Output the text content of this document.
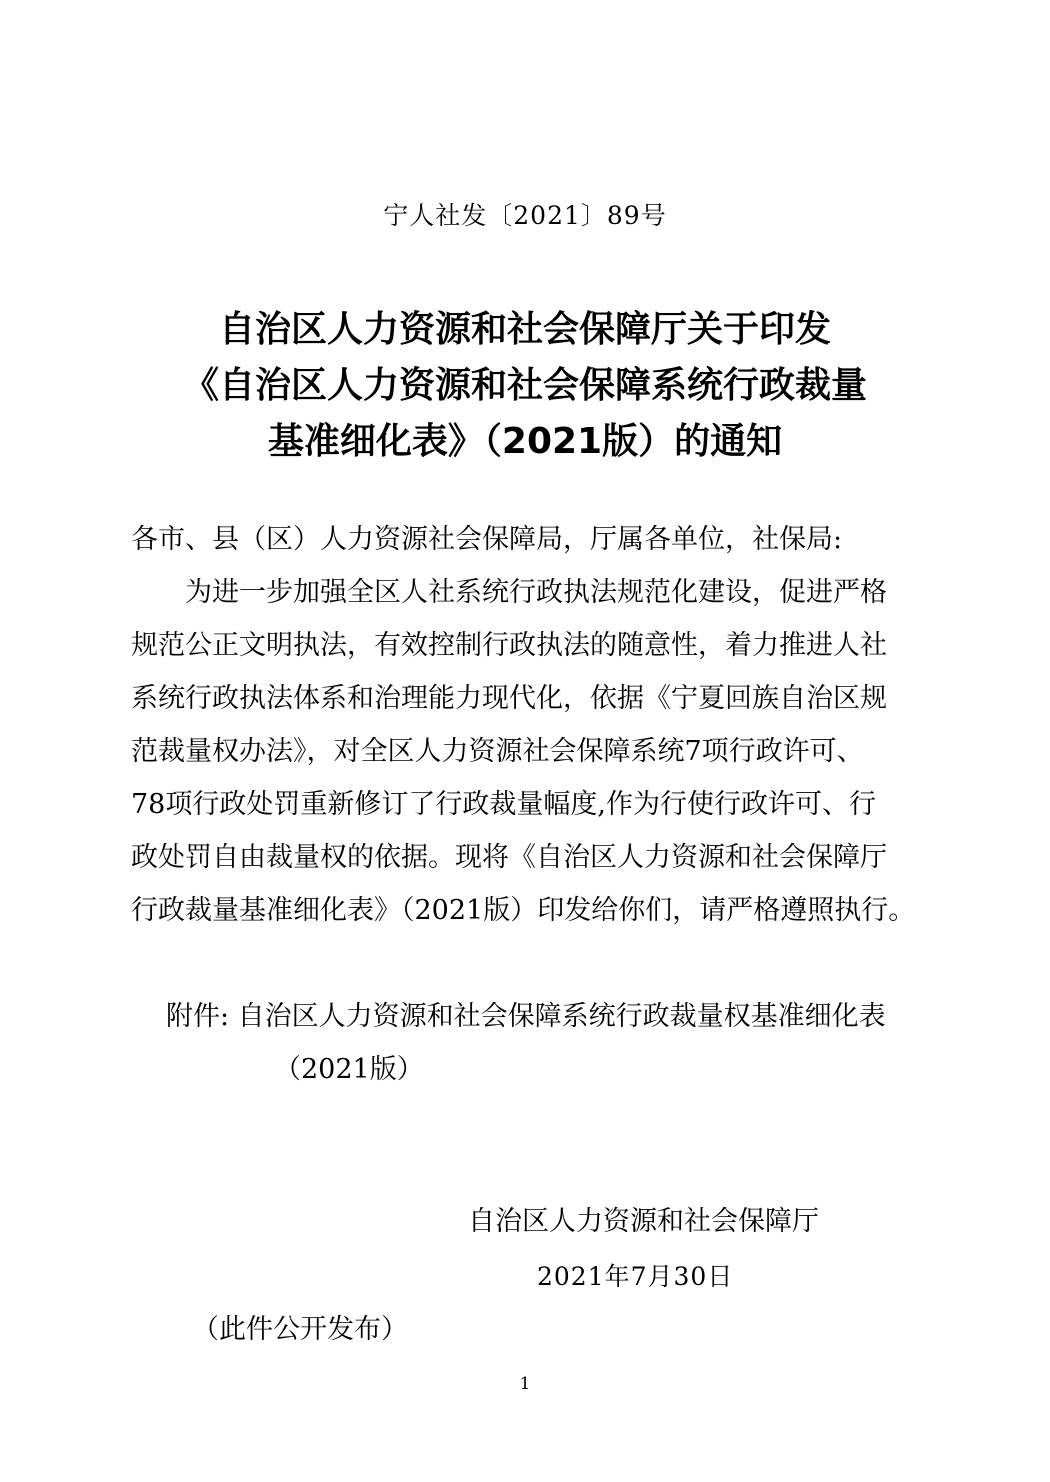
宁人社发〔2021〕89号
自治区人力资源和社会保障厅关于印发
《自治区人力资源和社会保障系统行政裁量
基准细化表》（2021版）的通知
各市、县（区）人力资源社会保障局，厅属各单位，社保局:
　　为进一步加强全区人社系统行政执法规范化建设，促进严格
规范公正文明执法，有效控制行政执法的随意性，着力推进人社
系统行政执法体系和治理能力现代化，依据《宁夏回族自治区规
范裁量权办法》，对全区人力资源社会保障系统7项行政许可、
78项行政处罚重新修订了行政裁量幅度,作为行使行政许可、行
政处罚自由裁量权的依据。现将《自治区人力资源和社会保障厅
行政裁量基准细化表》（2021版）印发给你们，请严格遵照执行。
附件: 自治区人力资源和社会保障系统行政裁量权基准细化表
（2021版）
自治区人力资源和社会保障厅
2021年7月30日
（此件公开发布）
1
